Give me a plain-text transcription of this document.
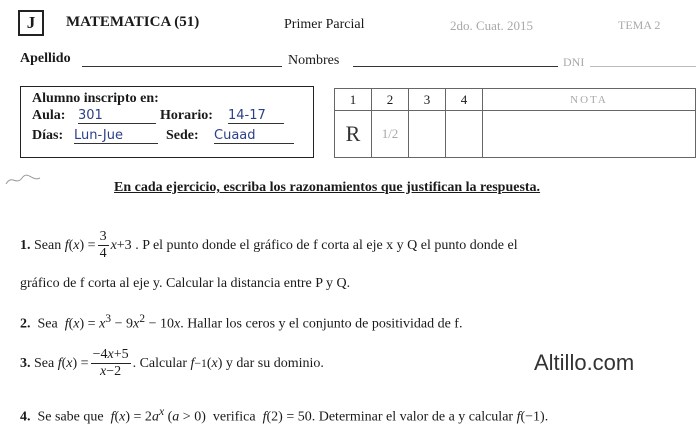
J MATEMATICA (51)	Primer Parcial	2do. Cuat. 2015	TEMA 2
Apellido	Nombres	DNI
Alumno inscripto en:
Aula: 301	Horario: 14-17
Días: Lun-Jue	Sede: Cuaad
1	2	3	4	NOTA
R	1/2			
En cada ejercicio, escriba los razonamientos que justifican la respuesta.
1.
Sean
f ( x ) = $\frac{3}{4}$ x +3 . P el punto donde el gráfico de f corta al eje x y Q el punto donde el
gráfico de f corta al eje y. Calcular la distancia entre P y Q.
2. Sea $f(x) = x^3 - 9x^2 - 10x$. Hallar los ceros y el conjunto de positividad de f.
3.
Sea
f ( x ) = $\frac{-4x+5}{x-2}$ . Calcular
f −1 ( x ) y dar su dominio.	Altillo.com
4. Se sabe que $f(x) = 2a^x$ (a > 0)  verifica f(2) = 50. Determinar el valor de a y calcular f(−1).
